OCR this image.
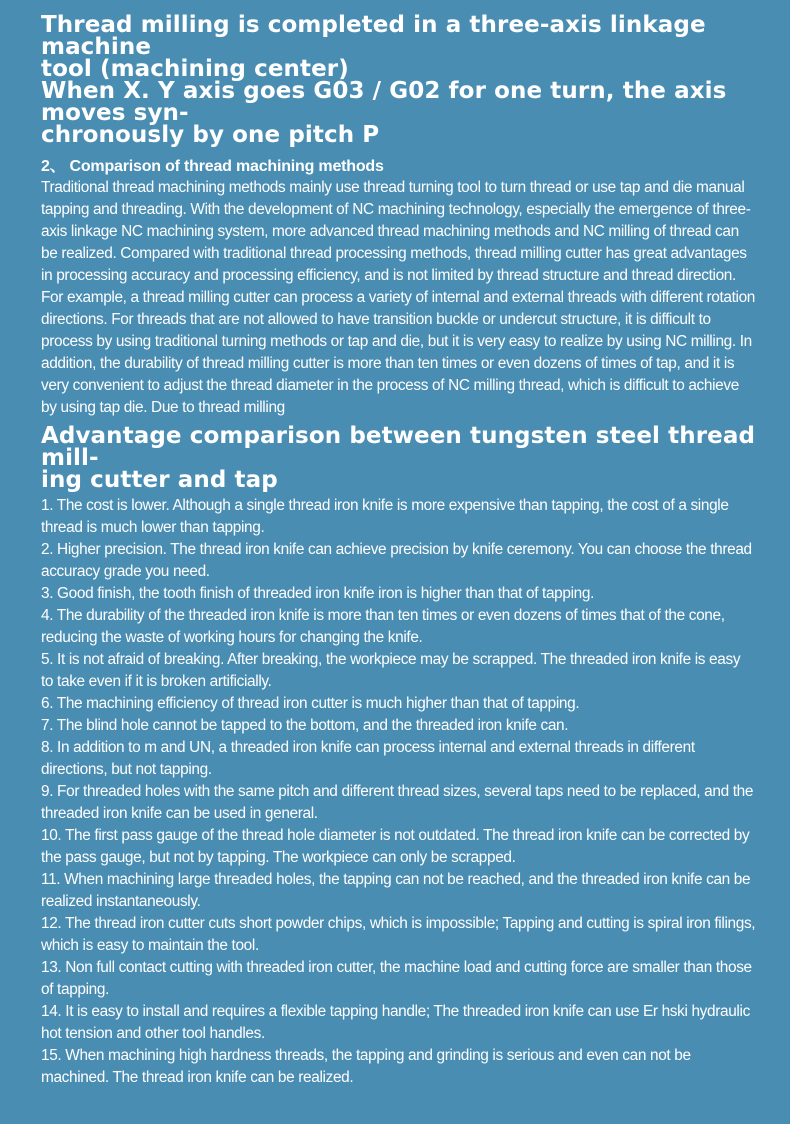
Thread milling is completed in a three-axis linkage machine
tool (machining center)
When X. Y axis goes G03 / G02 for one turn, the axis moves syn-
chronously by one pitch P
2、 Comparison of thread machining methods

Traditional thread machining methods mainly use thread turning tool to turn thread or use tap and die manual tapping and threading. With the development of NC machining technology, especially the emergence of three-axis linkage NC machining system, more advanced thread machining methods and NC milling of thread can be realized. Compared with traditional thread processing methods, thread milling cutter has great advantages in processing accuracy and processing efficiency, and is not limited by thread structure and thread direction. For example, a thread milling cutter can process a variety of internal and external threads with different rotation directions. For threads that are not allowed to have transition buckle or undercut structure, it is difficult to process by using traditional turning methods or tap and die, but it is very easy to realize by using NC milling. In addition, the durability of thread milling cutter is more than ten times or even dozens of times of tap, and it is very convenient to adjust the thread diameter in the process of NC milling thread, which is difficult to achieve by using tap die. Due to thread milling

Advantage comparison between tungsten steel thread mill-
ing cutter and tap
1. The cost is lower. Although a single thread iron knife is more expensive than tapping, the cost of a single thread is much lower than tapping.
2. Higher precision. The thread iron knife can achieve precision by knife ceremony. You can choose the thread accuracy grade you need.
3. Good finish, the tooth finish of threaded iron knife iron is higher than that of tapping.
4. The durability of the threaded iron knife is more than ten times or even dozens of times that of the cone, reducing the waste of working hours for changing the knife.
5. It is not afraid of breaking. After breaking, the workpiece may be scrapped. The threaded iron knife is easy to take even if it is broken artificially.
6. The machining efficiency of thread iron cutter is much higher than that of tapping.
7. The blind hole cannot be tapped to the bottom, and the threaded iron knife can.
8. In addition to m and UN, a threaded iron knife can process internal and external threads in different directions, but not tapping.
9. For threaded holes with the same pitch and different thread sizes, several taps need to be replaced, and the threaded iron knife can be used in general.
10. The first pass gauge of the thread hole diameter is not outdated. The thread iron knife can be corrected by the pass gauge, but not by tapping. The workpiece can only be scrapped.
11. When machining large threaded holes, the tapping can not be reached, and the threaded iron knife can be realized instantaneously.
12. The thread iron cutter cuts short powder chips, which is impossible; Tapping and cutting is spiral iron filings, which is easy to maintain the tool.
13. Non full contact cutting with threaded iron cutter, the machine load and cutting force are smaller than those of tapping.
14. It is easy to install and requires a flexible tapping handle; The threaded iron knife can use Er hski hydraulic hot tension and other tool handles.
15. When machining high hardness threads, the tapping and grinding is serious and even can not be machined. The thread iron knife can be realized.
